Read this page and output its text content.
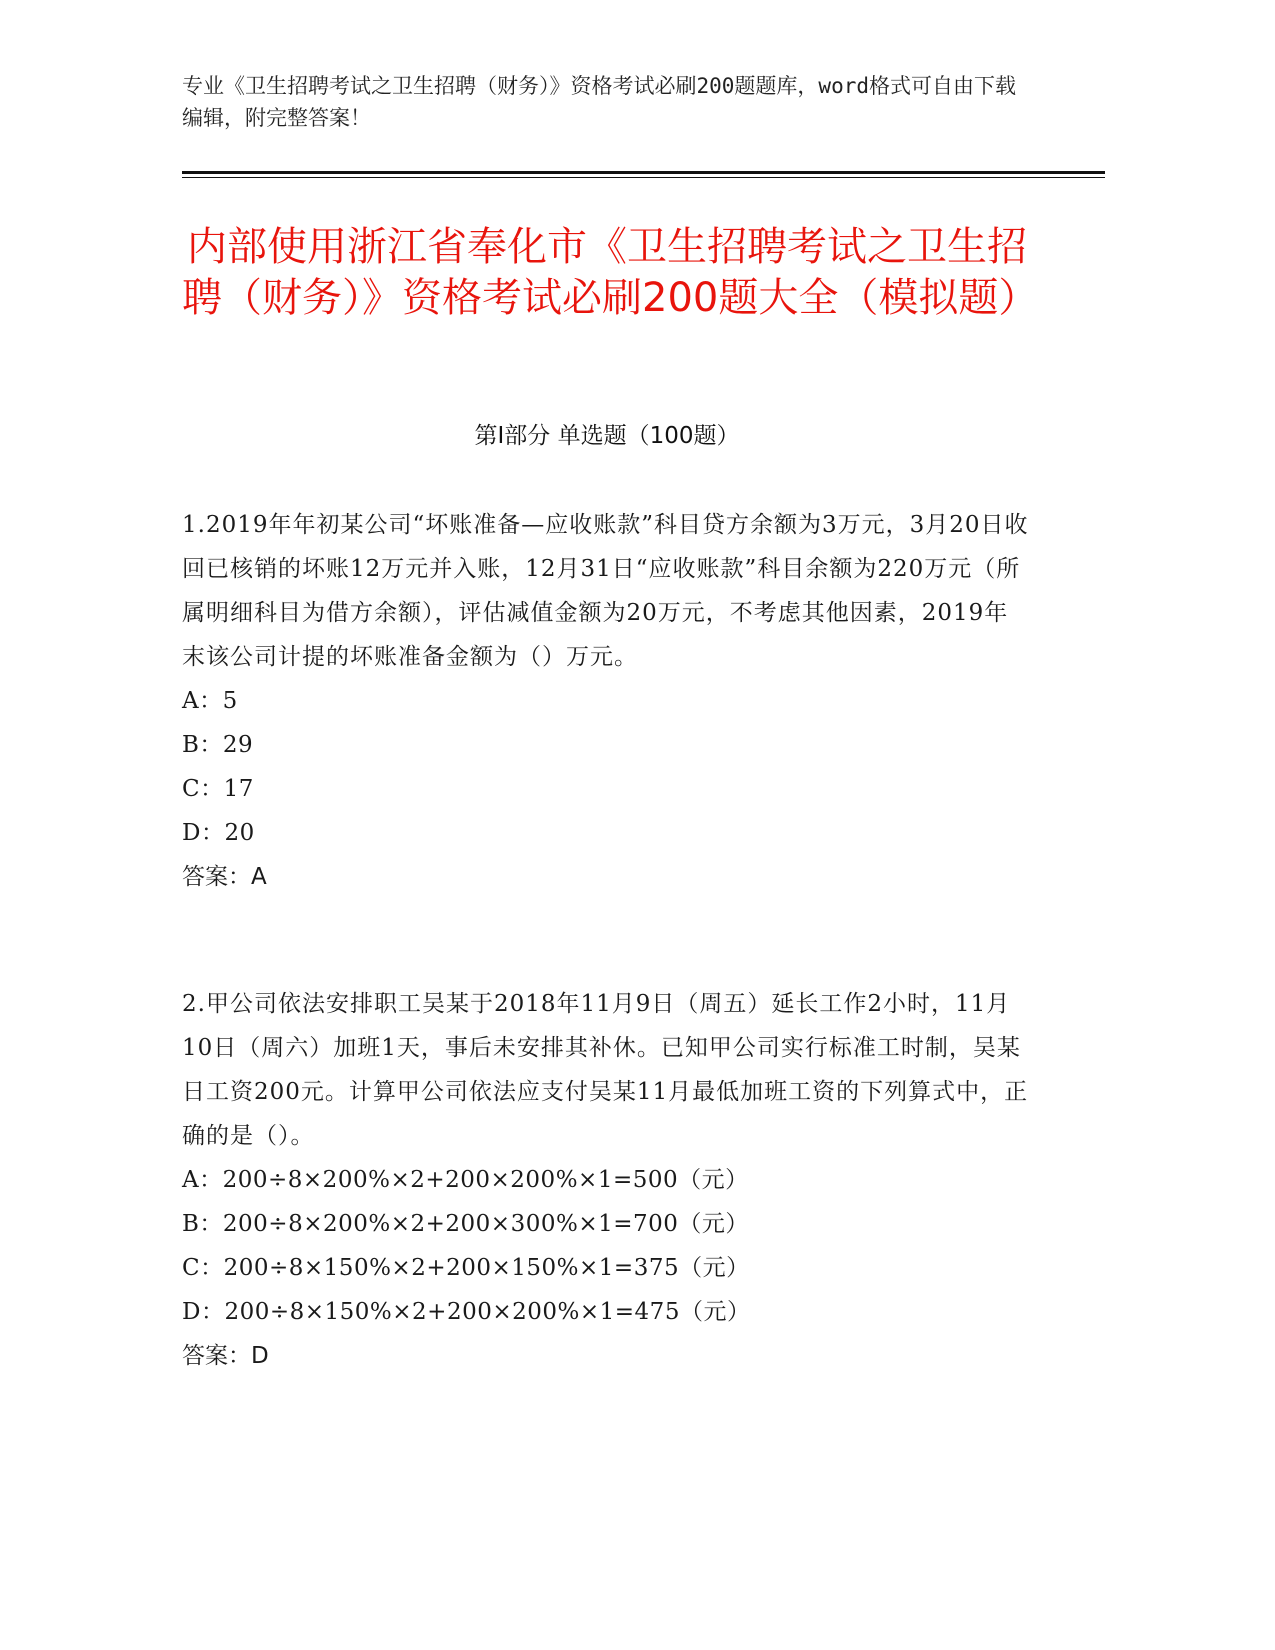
专业《卫生招聘考试之卫生招聘（财务）》资格考试必刷200题题库，word格式可自由下载编辑，附完整答案！
内部使用浙江省奉化市《卫生招聘考试之卫生招聘（财务）》资格考试必刷200题大全（模拟题）
第I部分 单选题（100题）

1.2019年年初某公司“坏账准备—应收账款”科目贷方余额为3万元，3月20日收回已核销的坏账12万元并入账，12月31日“应收账款”科目余额为220万元（所属明细科目为借方余额），评估减值金额为20万元，不考虑其他因素，2019年末该公司计提的坏账准备金额为（）万元。

A：5

B：29

C：17

D：20

答案：A

2.甲公司依法安排职工吴某于2018年11月9日（周五）延长工作2小时，11月10日（周六）加班1天，事后未安排其补休。已知甲公司实行标准工时制，吴某日工资200元。计算甲公司依法应支付吴某11月最低加班工资的下列算式中，正确的是（）。

A：200÷8×200%×2+200×200%×1=500（元）

B：200÷8×200%×2+200×300%×1=700（元）

C：200÷8×150%×2+200×150%×1=375（元）

D：200÷8×150%×2+200×200%×1=475（元）

答案：D
